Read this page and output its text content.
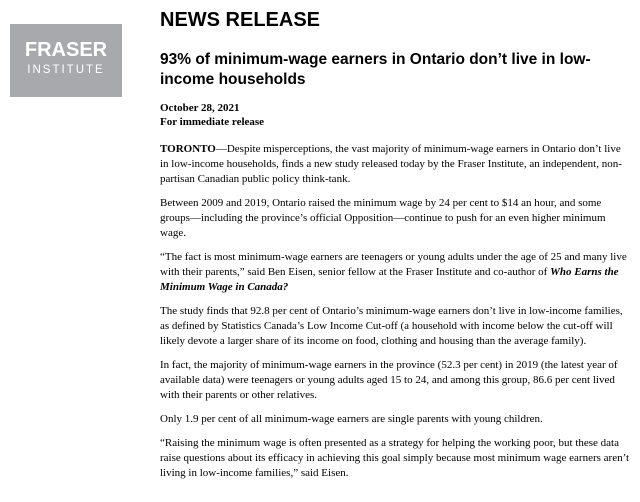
FRASER
INSTITUTE
NEWS RELEASE
93% of minimum-wage earners in Ontario don’t live in low-income households
October 28, 2021
For immediate release

TORONTO—Despite misperceptions, the vast majority of minimum-wage earners in Ontario don’t live in low-income households, finds a new study released today by the Fraser Institute, an independent, non-partisan Canadian public policy think-tank.

Between 2009 and 2019, Ontario raised the minimum wage by 24 per cent to $14 an hour, and some groups—including the province’s official Opposition—continue to push for an even higher minimum wage.

“The fact is most minimum-wage earners are teenagers or young adults under the age of 25 and many live with their parents,” said Ben Eisen, senior fellow at the Fraser Institute and co-author of Who Earns the Minimum Wage in Canada?

The study finds that 92.8 per cent of Ontario’s minimum-wage earners don’t live in low-income families, as defined by Statistics Canada’s Low Income Cut-off (a household with income below the cut-off will likely devote a larger share of its income on food, clothing and housing than the average family).

In fact, the majority of minimum-wage earners in the province (52.3 per cent) in 2019 (the latest year of available data) were teenagers or young adults aged 15 to 24, and among this group, 86.6 per cent lived with their parents or other relatives.

Only 1.9 per cent of all minimum-wage earners are single parents with young children.

“Raising the minimum wage is often presented as a strategy for helping the working poor, but these data raise questions about its efficacy in achieving this goal simply because most minimum wage earners aren’t living in low-income families,” said Eisen.
